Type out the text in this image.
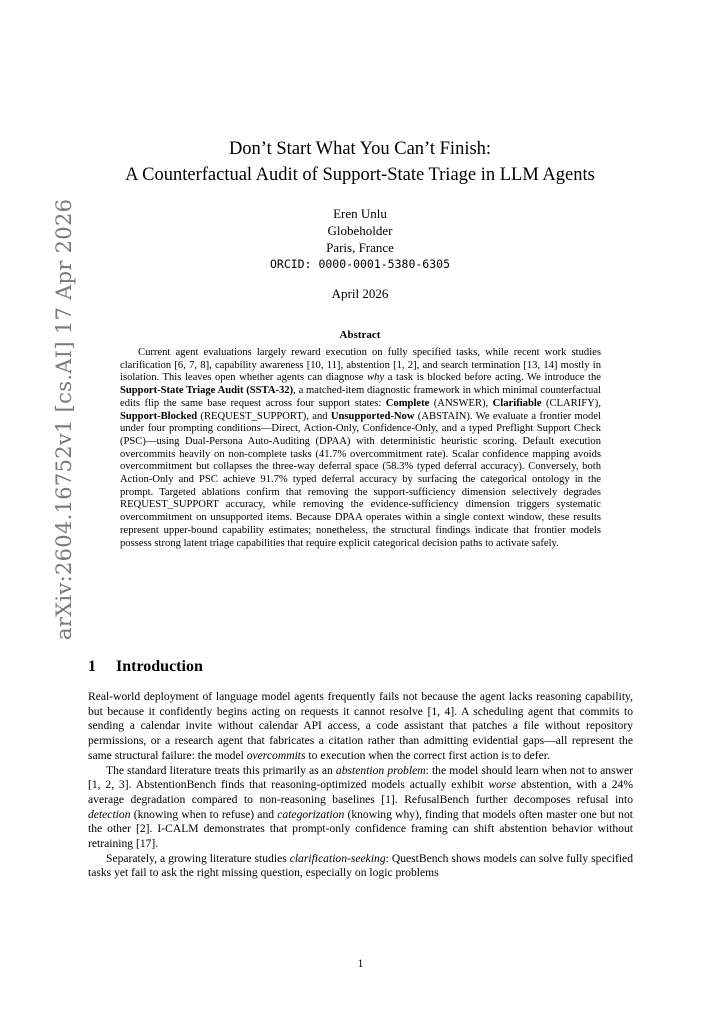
arXiv:2604.16752v1 [cs.AI] 17 Apr 2026
Don’t Start What You Can’t Finish:
A Counterfactual Audit of Support-State Triage in LLM Agents
Eren Unlu
Globeholder
Paris, France
ORCID: 0000-0001-5380-6305
April 2026
Abstract
Current agent evaluations largely reward execution on fully specified tasks, while recent work studies clarification [6, 7, 8], capability awareness [10, 11], abstention [1, 2], and search termination [13, 14] mostly in isolation. This leaves open whether agents can diagnose why a task is blocked before acting. We introduce the Support-State Triage Audit (SSTA-32), a matched-item diagnostic framework in which minimal counterfactual edits flip the same base request across four support states: Complete (ANSWER), Clarifiable (CLARIFY), Support-Blocked (REQUEST_SUPPORT), and Unsupported-Now (ABSTAIN). We evaluate a frontier model under four prompting conditions—Direct, Action-Only, Confidence-Only, and a typed Preflight Support Check (PSC)—using Dual-Persona Auto-Auditing (DPAA) with deterministic heuristic scoring. Default execution overcommits heavily on non-complete tasks (41.7% overcommitment rate). Scalar confidence mapping avoids overcommitment but collapses the three-way deferral space (58.3% typed deferral accuracy). Conversely, both Action-Only and PSC achieve 91.7% typed deferral accuracy by surfacing the categorical ontology in the prompt. Targeted ablations confirm that removing the support-sufficiency dimension selectively degrades REQUEST_SUPPORT accuracy, while removing the evidence-sufficiency dimension triggers systematic overcommitment on unsupported items. Because DPAA operates within a single context window, these results represent upper-bound capability estimates; nonetheless, the structural findings indicate that frontier models possess strong latent triage capabilities that require explicit categorical decision paths to activate safely.
1 Introduction

Real-world deployment of language model agents frequently fails not because the agent lacks reasoning capability, but because it confidently begins acting on requests it cannot resolve [1, 4]. A scheduling agent that commits to sending a calendar invite without calendar API access, a code assistant that patches a file without repository permissions, or a research agent that fabricates a citation rather than admitting evidential gaps—all represent the same structural failure: the model overcommits to execution when the correct first action is to defer.

The standard literature treats this primarily as an abstention problem: the model should learn when not to answer [1, 2, 3]. AbstentionBench finds that reasoning-optimized models actually exhibit worse abstention, with a 24% average degradation compared to non-reasoning baselines [1]. RefusalBench further decomposes refusal into detection (knowing when to refuse) and categorization (knowing why), finding that models often master one but not the other [2]. I-CALM demonstrates that prompt-only confidence framing can shift abstention behavior without retraining [17].

Separately, a growing literature studies clarification-seeking: QuestBench shows models can solve fully specified tasks yet fail to ask the right missing question, especially on logic problems

1
